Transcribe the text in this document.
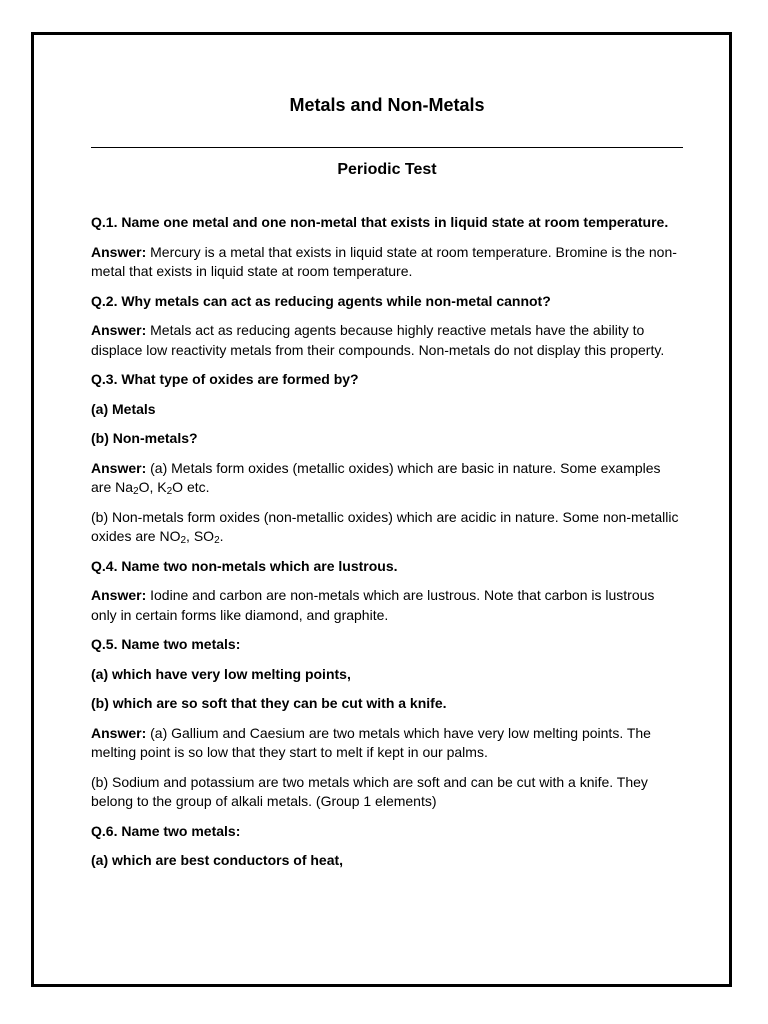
Metals and Non-Metals
Periodic Test

Q.1. Name one metal and one non-metal that exists in liquid state at room temperature.

Answer: Mercury is a metal that exists in liquid state at room temperature. Bromine is the non-metal that exists in liquid state at room temperature.

Q.2. Why metals can act as reducing agents while non-metal cannot?

Answer: Metals act as reducing agents because highly reactive metals have the ability to displace low reactivity metals from their compounds. Non-metals do not display this property.

Q.3. What type of oxides are formed by?

(a) Metals

(b) Non-metals?

Answer: (a) Metals form oxides (metallic oxides) which are basic in nature. Some examples are $Na_2O$, $K_2O$ etc.

(b) Non-metals form oxides (non-metallic oxides) which are acidic in nature. Some non-metallic oxides are $NO_2$, $SO_2$.

Q.4. Name two non-metals which are lustrous.

Answer: Iodine and carbon are non-metals which are lustrous. Note that carbon is lustrous only in certain forms like diamond, and graphite.

Q.5. Name two metals:

(a) which have very low melting points,

(b) which are so soft that they can be cut with a knife.

Answer: (a) Gallium and Caesium are two metals which have very low melting points. The melting point is so low that they start to melt if kept in our palms.

(b) Sodium and potassium are two metals which are soft and can be cut with a knife. They belong to the group of alkali metals. (Group 1 elements)

Q.6. Name two metals:

(a) which are best conductors of heat,
